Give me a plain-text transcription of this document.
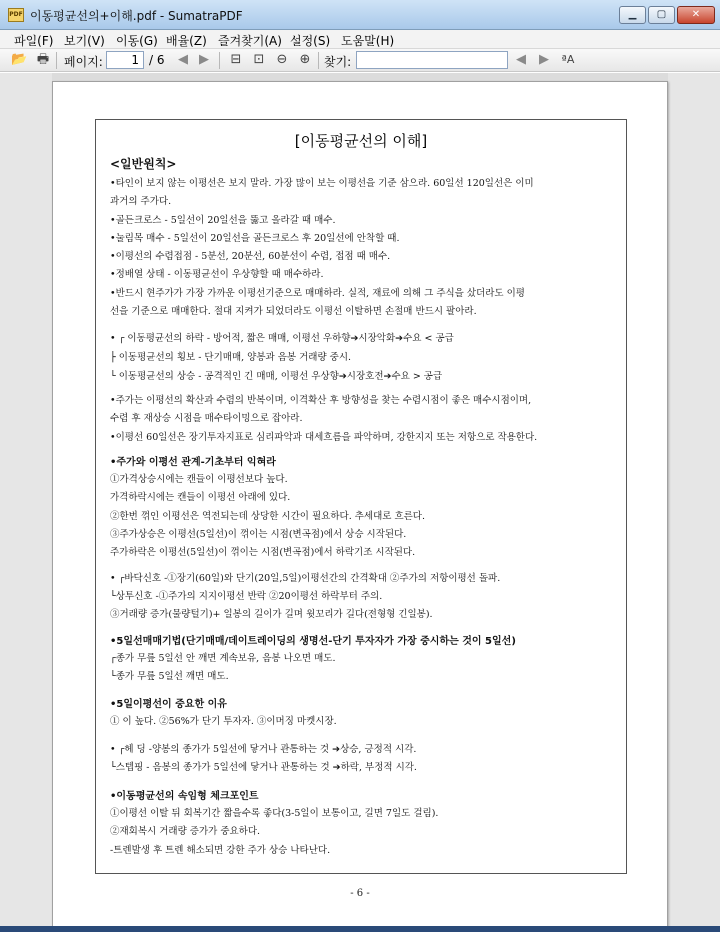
PDF 이동평균선의+이해.pdf - SumatraPDF	▁	▢	✕
파일(F) 보기(V) 이동(G) 배율(Z) 즐겨찾기(A) 설정(S) 도움말(H)
📂 🖶 페이지:
1	/ 6 ◀ ▶ ⊟ ⊡ ⊖ ⊕ 찾기:	◀ ▶	ªA
[이동평균선의 이해]
<일반원칙>
•타인이 보지 않는 이평선은 보지 말라. 가장 많이 보는 이평선을 기준 삼으라. 60일선 120일선은 이미
과거의 주가다.
•골든크로스 - 5일선이 20일선을 뚫고 올라갈 때 매수.
•눌림목 매수 - 5일선이 20일선을 골든크로스 후 20일선에 안착할 때.
•이평선의 수렴접점 - 5분선, 20분선, 60분선이 수렴, 접점 때 매수.
•정배열 상태 - 이동평균선이 우상향할 때 매수하라.
•반드시 현주가가 가장 가까운 이평선기준으로 매매하라. 실적, 재료에 의해 그 주식을 샀더라도 이평
선을 기준으로 매매한다. 절대 지켜가 되었더라도 이평선 이탈하면 손절매 반드시 팔아라.
• ┌ 이동평균선의 하락 - 방어적, 짧은 매매, 이평선 우하향➔시장악화➔수요 < 공급
├ 이동평균선의 횡보 - 단기매매, 양봉과 음봉 거래량 중시.
└ 이동평균선의 상승 - 공격적인 긴 매매, 이평선 우상향➔시장호전➔수요 > 공급
•주가는 이평선의 확산과 수렴의 반복이며, 이격확산 후 방향성을 찾는 수렴시점이 좋은 매수시점이며,
수렴 후 재상승 시점을 매수타이밍으로 잡아라.
•이평선 60일선은 장기투자지표로 심리파악과 대세흐름을 파악하며, 강한지지 또는 저항으로 작용한다.
•주가와 이평선 관계-기초부터 익혀라
①가격상승시에는 캔들이 이평선보다 높다.
가격하락시에는 캔들이 이평선 아래에 있다.
②한번 꺾인 이평선은 역전되는데 상당한 시간이 필요하다. 추세대로 흐른다.
③주가상승은 이평선(5일선)이 꺾이는 시점(변곡점)에서 상승 시작된다.
주가하락은 이평선(5일선)이 꺾이는 시점(변곡점)에서 하락기조 시작된다.
• ┌바닥신호 -①장기(60일)와 단기(20일,5일)이평선간의 간격확대 ②주가의 저항이평선 돌파.
└상투신호 -①주가의 지지이평선 반락 ②20이평선 하락부터 주의.
③거래량 증가(물량털기)+ 일봉의 길이가 길며 윗꼬리가 길다(전형형 긴일봉).
•5일선매매기법(단기매매/데이트레이딩의 생명선-단기 투자자가 가장 중시하는 것이 5일선)
┌종가 무릎 5일선 안 깨면 계속보유, 음봉 나오면 매도.
└종가 무릎 5일선 깨면 매도.
•5일이평선이 중요한 이유
① 이 높다. ②56%가 단기 투자자. ③이머징 마켓시장.
• ┌헤 딩 -양봉의 종가가 5일선에 닿거나 관통하는 것 ➔상승, 긍정적 시각.
└스텝핑 - 음봉의 종가가 5일선에 닿거나 관통하는 것 ➔하락, 부정적 시각.
•이동평균선의 속임형 체크포인트
①이평선 이탈 뒤 회복기간 짧을수록 좋다(3-5일이 보통이고, 길면 7일도 걸림).
②재회복시 거래량 증가가 중요하다.
-트렌발생 후 트렌 해소되면 강한 주가 상승 나타난다.
- 6 -
